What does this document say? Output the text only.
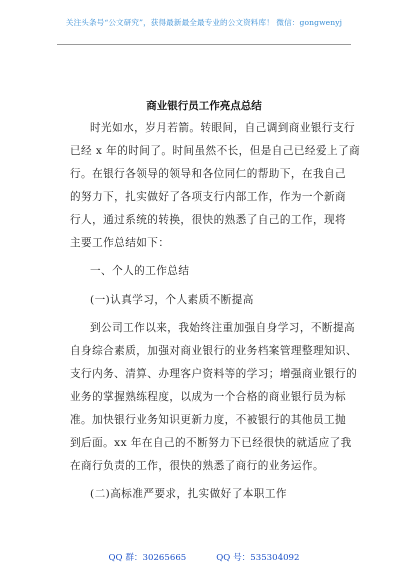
关注头条号“公文研究”，获得最新最全最专业的公文资料库！ 微信：gongwenyj
商业银行员工作亮点总结
时光如水，岁月若箭。转眼间，自己调到商业银行支行
已经 x 年的时间了。时间虽然不长，但是自己已经爱上了商
行。在银行各领导的领导和各位同仁的帮助下，在我自己
的努力下，扎实做好了各项支行内部工作，作为一个新商
行人，通过系统的转换，很快的熟悉了自己的工作，现将
主要工作总结如下：
一、个人的工作总结
(一)认真学习，个人素质不断提高
到公司工作以来，我始终注重加强自身学习，不断提高
自身综合素质，加强对商业银行的业务档案管理整理知识、
支行内务、清算、办理客户资料等的学习；增强商业银行的
业务的掌握熟练程度，以成为一个合格的商业银行员为标
准。加快银行业务知识更新力度，不被银行的其他员工抛
到后面。xx 年在自己的不断努力下已经很快的就适应了我
在商行负责的工作，很快的熟悉了商行的业务运作。
(二)高标准严要求，扎实做好了本职工作
QQ 群：30265665	QQ 号：535304092
